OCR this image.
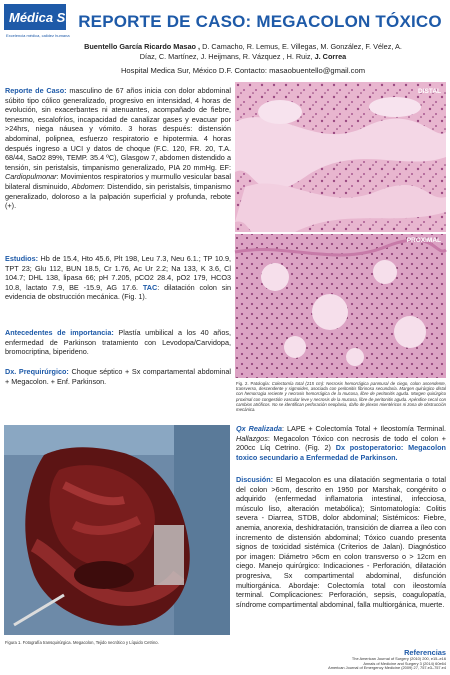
Médica Sur
Excelencia médica, calidez humana
REPORTE DE CASO: MEGACOLON TÓXICO
Buentello García Ricardo Masao , D. Camacho, R. Lemus, E. Villegas, M. González, F. Vélez, A.
Díaz, C. Martínez, J. Heijmans, R. Vázquez , H. Ruiz, J. Correa
Hospital Medica Sur, México D.F. Contacto: masaobuentello@gmail.com
Reporte de Caso: masculino de 67 años inicia con dolor abdominal súbito tipo cólico generalizado, progresivo en intensidad, 4 horas de evolución, sin exacerbantes ni atenuantes, acompañado de fiebre, tenesmo, escalofríos, incapacidad de canalizar gases y evacuar por >24hrs, niega náusea y vómito. 3 horas después: distensión abdominal, polipnea, esfuerzo respiratorio e hipotermia. 4 horas después ingreso a UCI y datos de choque (F.C. 120, FR. 20, T.A. 68/44, SaO2 89%, TEMP. 35.4 ºC), Glasgow 7, abdomen distendido a tensión, sin peristalsis, timpanismo generalizado, PIA 20 mmHg. EF: Cardiopulmonar: Movimientos respiratorios y murmullo vesicular basal bilateral disminuido, Abdomen: Distendido, sin peristalsis, timpanismo generalizado, doloroso a la palpación superficial y profunda, rebote (+).
Estudios: Hb de 15.4, Hto 45.6, Plt 198, Leu 7.3, Neu 6.1.; TP 10.9, TPT 23; Glu 112, BUN 18.5, Cr 1.76, Ac Ur 2.2; Na 133, K 3.6, Cl 104.7; DHL 138, lipasa 66; pH 7.205, pCO2 28.4, pO2 179, HCO3 10.8, lactato 7.9, BE -15.9, AG 17.6. TAC: dilatación colon sin evidencia de obstrucción mecánica. (Fig. 1).
Antecedentes de importancia: Plastía umbilical a los 40 años, enfermedad de Parkinson tratamiento con Levodopa/Carvidopa, bromocriptina, biperideno.
Dx. Prequirúrgico: Choque séptico + Sx compartamental abdominal + Megacolon. + Enf. Parkinson.
DISTAL
PROXIMAL
Fig. 2. Patología: Colectomía total (215 cm): Necrosis hemorrágica panmural de ciego, colon ascendente, transverso, descendente y sigmoides, asociada con peritonitis fibrinosa secundaria. Margen quirúrgico distal con hemorragia reciente y necrosis hemorrágica de la mucosa, libre de peritonitis aguda. Margen quirúrgico proximal con congestión vascular leve y necrosis de la mucosa, libre de peritonitis aguda. Apéndice cecal con cambios atróficos. No se identifican perforación neoplasia, daño de plexos mientéricos ni zona de obstrucción mecánica.
Figura 1. Fotografía transquirúrgica. Megacolon, Tejido necrótico y Líquido Cetrino.
Qx Realizada: LAPE + Colectomía Total + Ileostomía Terminal. Hallazgos: Megacolon Tóxico con necrosis de todo el colon + 200cc Líq Cetrino. (Fig. 2) Dx postoperatorio: Megacolon toxico secundario a Enfermedad de Parkinson.
Discusión: El Megacolon es una dilatación segmentaria o total del colon >6cm, descrito en 1950 por Marshak, congénito o adquirido (enfermedad inflamatoria intestinal, infecciosa, músculo liso, alteración metabólica); Sintomatología: Colitis severa - Diarrea, STDB, dolor abdominal; Sistémicos: Fiebre, anemia, anorexia, deshidratación, transición de diarrea a íleo con incremento de distensión abdominal; Tóxico cuando presenta signos de toxicidad sistémica (Criterios de Jalan). Diagnóstico por imagen: Diámetro >6cm en colon transverso o > 12cm en ciego. Manejo quirúrgico: Indicaciones - Perforación, dilatación progresiva, Sx compartimental abdominal, disfunción multiorgánica. Abordaje: Colectomía total con ileostomía terminal. Complicaciones: Perforación, sepsis, coagulopatía, síndrome compartimental abdominal, falla multiorgánica, muerte.
Referencias
The American Journal of Surgery (2010) 200, e15–e16
Annals of Medicine and Surgery 3 (2014) 60e64
American Journal of Emergency Medicine (2009) 27, 757.e3–757.e4
